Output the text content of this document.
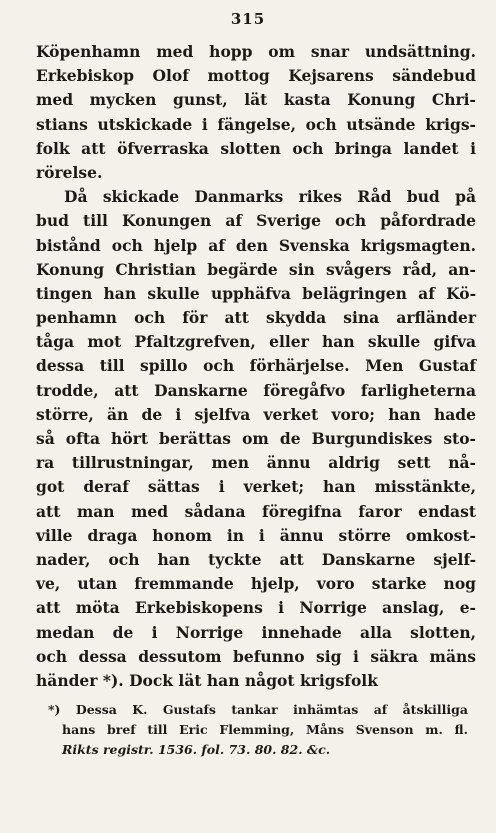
315
Köpenhamn med hopp om snar undsättning.
Erkebiskop Olof mottog Kejsarens sändebud
med mycken gunst, lät kasta Konung Chri-
stians utskickade i fängelse, och utsände krigs-
folk att öfverraska slotten och bringa landet i
rörelse.
Då skickade Danmarks rikes Råd bud på
bud till Konungen af Sverige och påfordrade
bistånd och hjelp af den Svenska krigsmagten.
Konung Christian begärde sin svågers råd, an-
tingen han skulle upphäfva belägringen af Kö-
penhamn och för att skydda sina arfländer
tåga mot Pfaltzgrefven, eller han skulle gifva
dessa till spillo och förhärjelse. Men Gustaf
trodde, att Danskarne föregåfvo farligheterna
större, än de i sjelfva verket voro; han hade
så ofta hört berättas om de Burgundiskes sto-
ra tillrustningar, men ännu aldrig sett nå-
got deraf sättas i verket; han misstänkte,
att man med sådana föregifna faror endast
ville draga honom in i ännu större omkost-
nader, och han tyckte att Danskarne sjelf-
ve, utan fremmande hjelp, voro starke nog
att möta Erkebiskopens i Norrige anslag, e-
medan de i Norrige innehade alla slotten,
och dessa dessutom befunno sig i säkra mäns
händer *). Dock lät han något krigsfolk
*) Dessa K. Gustafs tankar inhämtas af åtskilliga
hans bref till Eric Flemming, Måns Svenson m. fl.
Rikts registr. 1536. fol. 73. 80. 82. &c.
